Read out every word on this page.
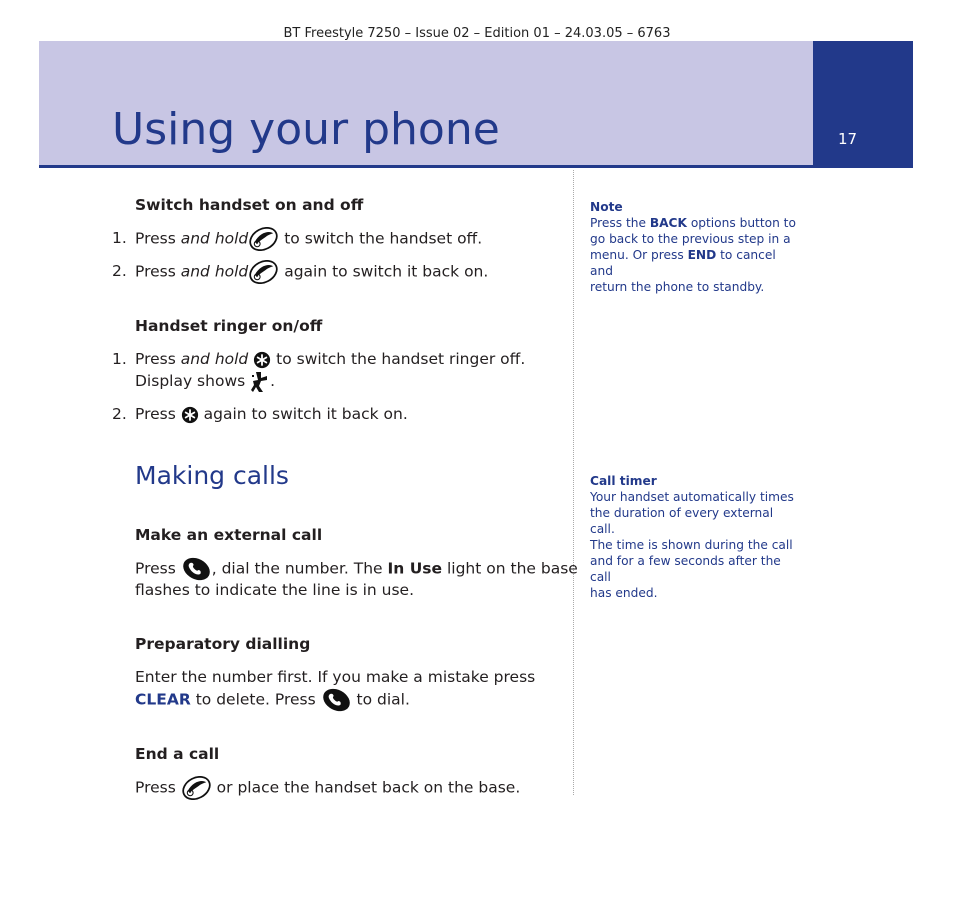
BT Freestyle 7250 – Issue 02 – Edition 01 – 24.03.05 – 6763
17
Using your phone
Switch handset on and off
1. Press and hold to switch the handset off.
2. Press and hold again to switch it back on.
Handset ringer on/off
1. Press and hold  to switch the handset ringer off.
Display shows .
2. Press  again to switch it back on.
Making calls
Make an external call
Press , dial the number. The In Use light on the base
flashes to indicate the line is in use.
Preparatory dialling
Enter the number first. If you make a mistake press
CLEAR to delete. Press  to dial.
End a call
Press  or place the handset back on the base.
Note
Press the BACK options button to
go back to the previous step in a
menu. Or press END to cancel and
return the phone to standby.
Call timer
Your handset automatically times
the duration of every external call.
The time is shown during the call
and for a few seconds after the call
has ended.
